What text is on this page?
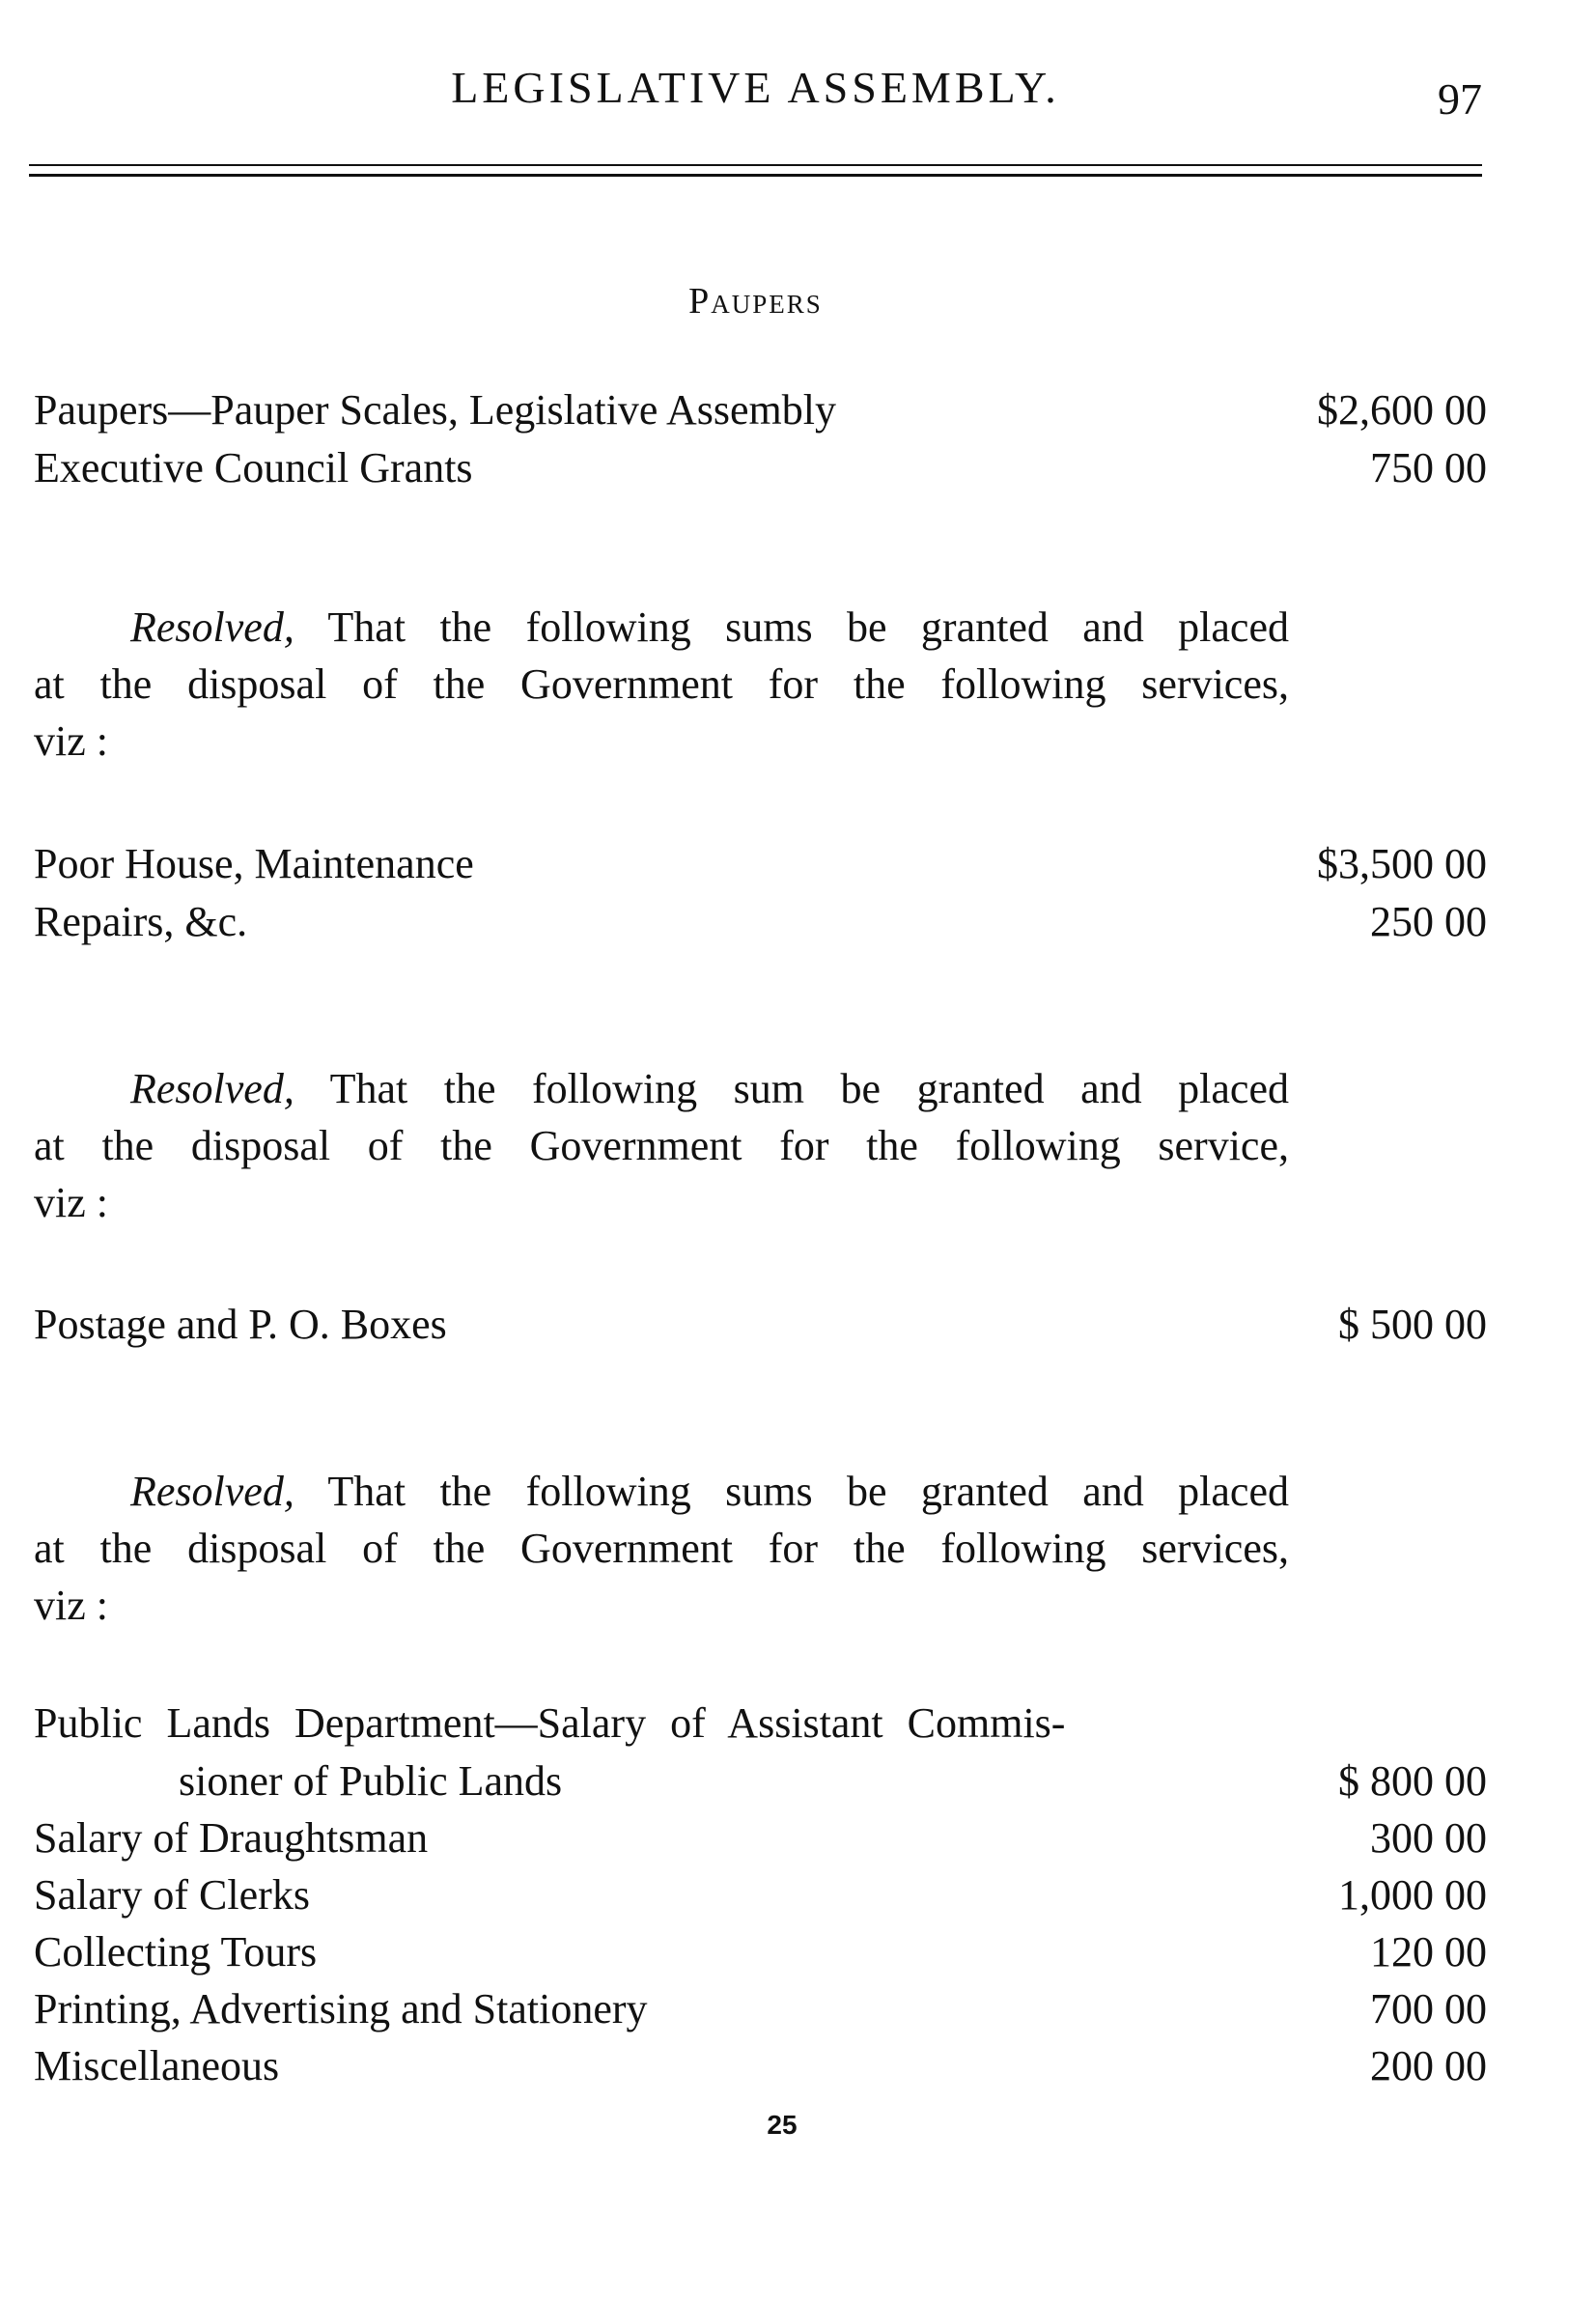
LEGISLATIVE ASSEMBLY.	97
Paupers
Paupers—Pauper Scales, Legislative Assembly	$2,600 00
Executive Council Grants	750 00
Resolved, That the following sums be granted and placed
at the disposal of the Government for the following services,
viz :
Poor House, Maintenance	$3,500 00
Repairs, &c.	250 00
Resolved, That the following sum be granted and placed
at the disposal of the Government for the following service,
viz :
Postage and P. O. Boxes	$ 500 00
Resolved, That the following sums be granted and placed
at the disposal of the Government for the following services,
viz :
Public Lands Department—Salary of Assistant Commis-
sioner of Public Lands	$ 800 00
Salary of Draughtsman	300 00
Salary of Clerks	1,000 00
Collecting Tours	120 00
Printing, Advertising and Stationery	700 00
Miscellaneous	200 00
25
